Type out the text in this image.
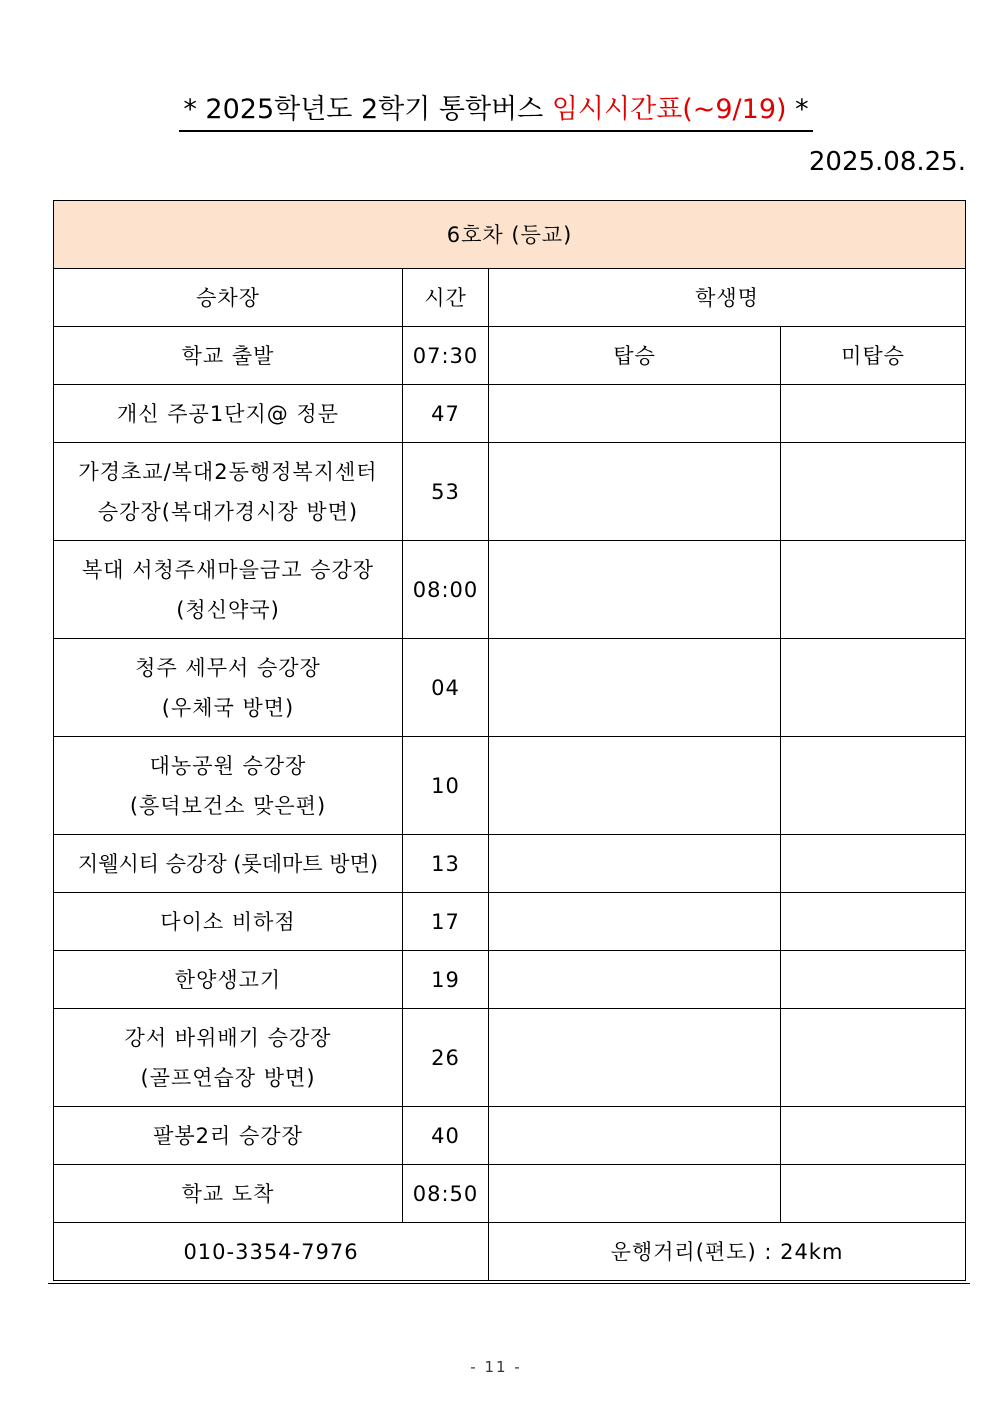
* 2025학년도 2학기 통학버스 임시시간표(~9/19) *
2025.08.25.
6호차 (등교)			
승차장	시간	학생명	

학교 출발	07:30	탑승	미탑승

개신 주공1단지@ 정문	47		

가경초교/복대2동행정복지센터
승강장(복대가경시장 방면)	53		

복대 서청주새마을금고 승강장
(청신약국)	08:00		

청주 세무서 승강장
(우체국 방면)	04		

대농공원 승강장
(흥덕보건소 맞은편)	10		

지웰시티 승강장 (롯데마트 방면)	13		

다이소 비하점	17		

한양생고기	19		

강서 바위배기 승강장
(골프연습장 방면)	26		

팔봉2리 승강장	40		

학교 도착	08:50		
010-3354-7976		운행거리(편도) : 24km	
- 11 -
